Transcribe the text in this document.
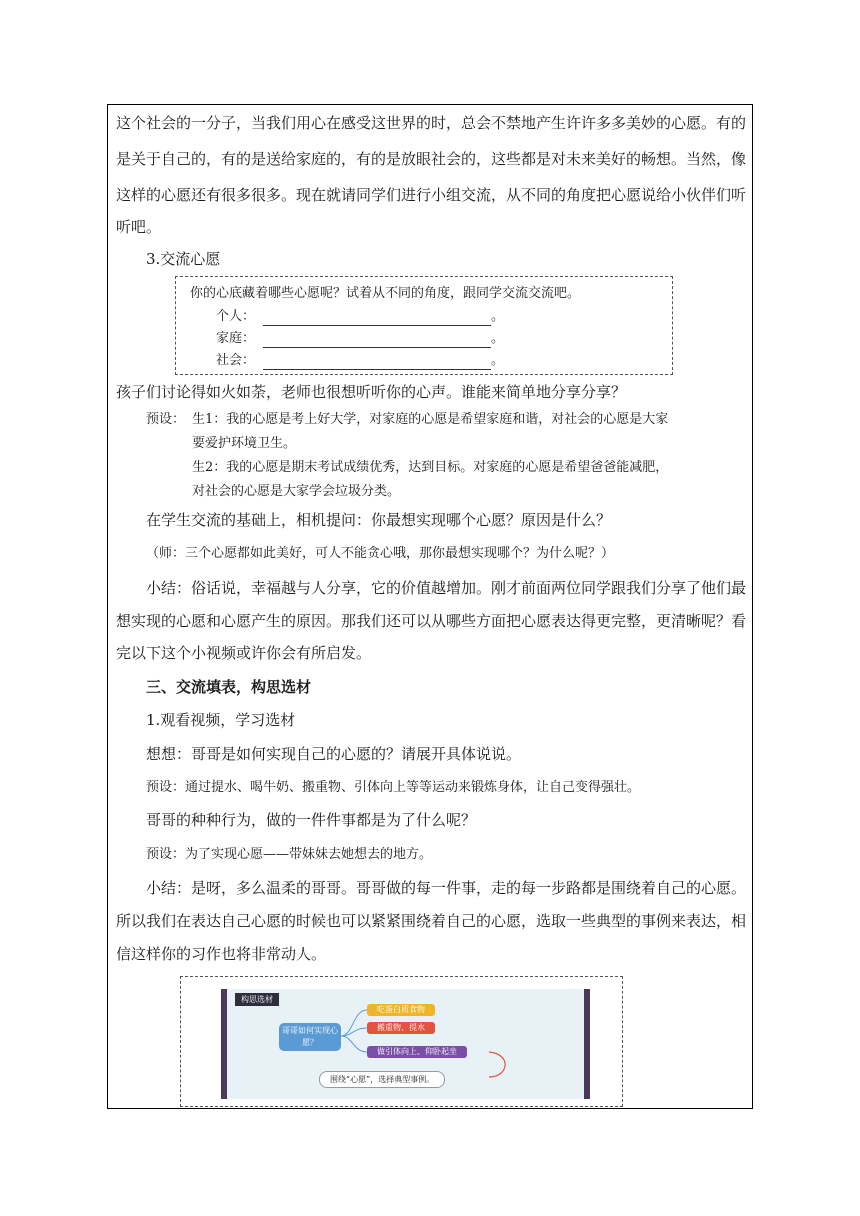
这个社会的一分子，当我们用心在感受这世界的时，总会不禁地产生许许多多美妙的心愿。有的

是关于自己的，有的是送给家庭的，有的是放眼社会的，这些都是对未来美好的畅想。当然，像

这样的心愿还有很多很多。现在就请同学们进行小组交流，从不同的角度把心愿说给小伙伴们听

听吧。

3.交流心愿

你的心底藏着哪些心愿呢？试着从不同的角度，跟同学交流交流吧。
个人：	。
家庭：	。
社会：	。

孩子们讨论得如火如荼，老师也很想听听你的心声。谁能来简单地分享分享？

预设： 生1：我的心愿是考上好大学，对家庭的心愿是希望家庭和谐，对社会的心愿是大家
要爱护环境卫生。
生2：我的心愿是期末考试成绩优秀，达到目标。对家庭的心愿是希望爸爸能减肥，
对社会的心愿是大家学会垃圾分类。

在学生交流的基础上，相机提问：你最想实现哪个心愿？原因是什么？

（师：三个心愿都如此美好，可人不能贪心哦，那你最想实现哪个？为什么呢？）

小结：俗话说，幸福越与人分享，它的价值越增加。刚才前面两位同学跟我们分享了他们最

想实现的心愿和心愿产生的原因。那我们还可以从哪些方面把心愿表达得更完整，更清晰呢？看

完以下这个小视频或许你会有所启发。

三、交流填表，构思选材

1.观看视频，学习选材

想想：哥哥是如何实现自己的心愿的？请展开具体说说。

预设：通过提水、喝牛奶、搬重物、引体向上等等运动来锻炼身体，让自己变得强壮。

哥哥的种种行为，做的一件件事都是为了什么呢？

预设：为了实现心愿——带妹妹去她想去的地方。

小结：是呀，多么温柔的哥哥。哥哥做的每一件事，走的每一步路都是围绕着自己的心愿。

所以我们在表达自己心愿的时候也可以紧紧围绕着自己的心愿，选取一些典型的事例来表达，相

信这样你的习作也将非常动人。

构思选材
哥哥如何实现心愿？
吃蛋白质食物
搬重物、提水
做引体向上、仰卧起坐
围绕“心愿”，选择典型事例。
